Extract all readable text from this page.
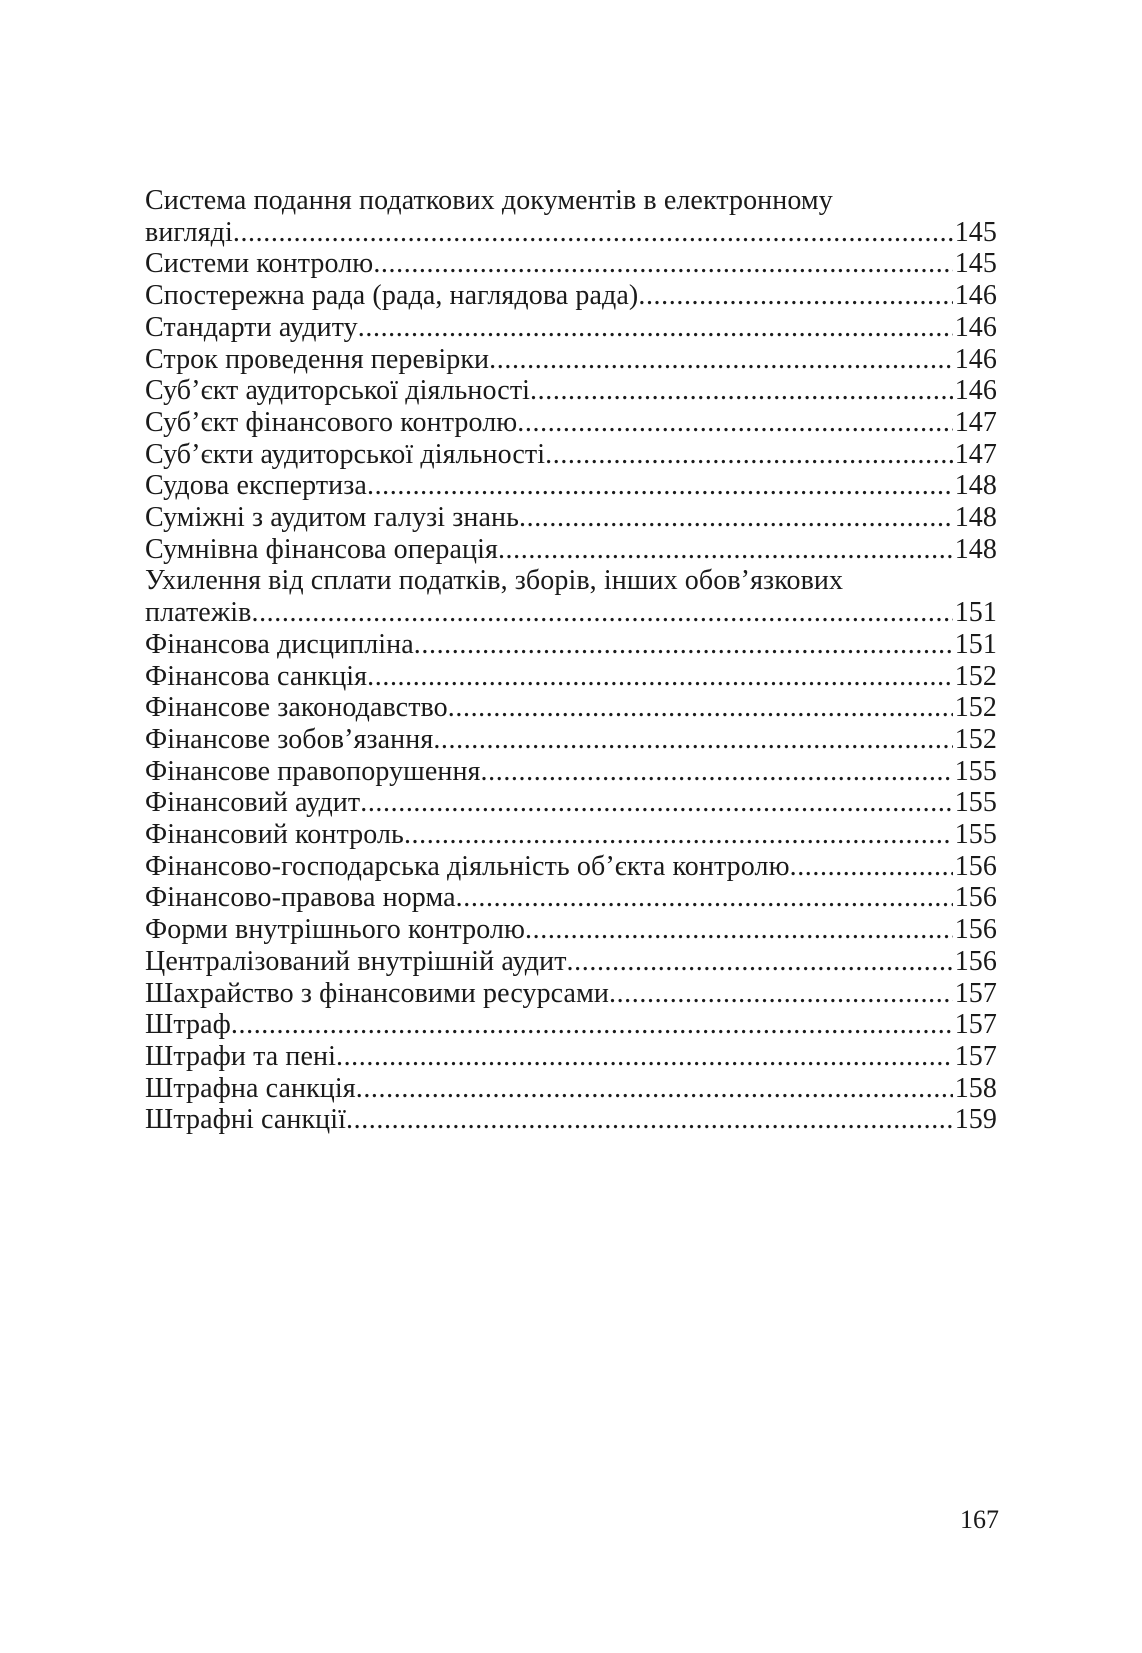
Система подання податкових документів в електронному
вигляді .....	145
Системи контролю .....	145
Спостережна рада (рада, наглядова рада) .....	146
Стандарти аудиту .....	146
Строк проведення перевірки .....	146
Суб’єкт аудиторської діяльності .....	146
Суб’єкт фінансового контролю .....	147
Суб’єкти аудиторської діяльності .....	147
Судова експертиза .....	148
Суміжні з аудитом галузі знань .....	148
Сумнівна фінансова операція .....	148
Ухилення від сплати податків, зборів, інших обов’язкових
платежів .....	151
Фінансова дисципліна .....	151
Фінансова санкція .....	152
Фінансове законодавство .....	152
Фінансове зобов’язання .....	152
Фінансове правопорушення .....	155
Фінансовий аудит .....	155
Фінансовий контроль .....	155
Фінансово-господарська діяльність об’єкта контролю .....	156
Фінансово-правова норма .....	156
Форми внутрішнього контролю .....	156
Централізований внутрішній аудит .....	156
Шахрайство з фінансовими ресурсами .....	157
Штраф .....	157
Штрафи та пені .....	157
Штрафна санкція .....	158
Штрафні санкції .....	159
167
